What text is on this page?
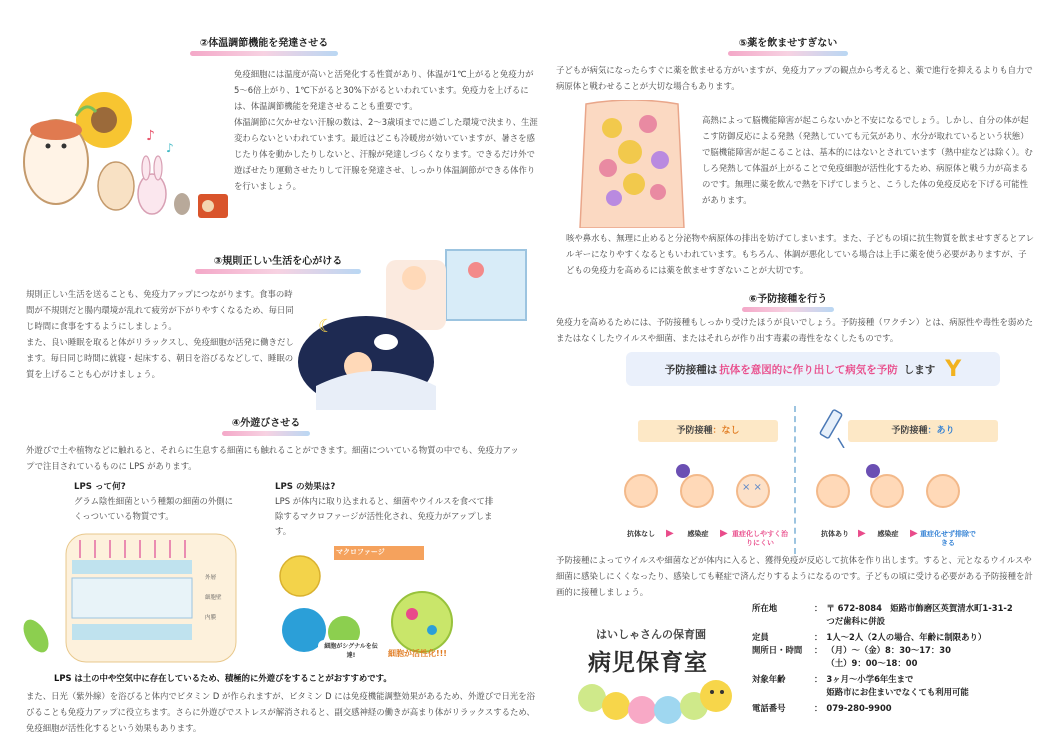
②体温調節機能を発達させる
♪
♪
免疫細胞には温度が高いと活発化する性質があり、体温が1℃上がると免疫力が5～6倍上がり、1℃下がると30%下がるといわれています。免疫力を上げるには、体温調節機能を発達させることも重要です。
体温調節に欠かせない汗腺の数は、2～3歳頃までに過ごした環境で決まり、生涯変わらないといわれています。最近はどこも冷暖房が効いていますが、暑さを感じたり体を動かしたりしないと、汗腺が発達しづらくなります。できるだけ外で遊ばせたり運動させたりして汗腺を発達させ、しっかり体温調節ができる体作りを行いましょう。
③規則正しい生活を心がける
規則正しい生活を送ることも、免疫力アップにつながります。食事の時間が不規則だと腸内環境が乱れて疲労が下がりやすくなるため、毎日同じ時間に食事をするようにしましょう。
また、良い睡眠を取ると体がリラックスし、免疫細胞が活発に働きだします。毎日同じ時間に就寝・起床する、朝日を浴びるなどして、睡眠の質を上げることも心がけましょう。
☾
④外遊びさせる
外遊びで土や植物などに触れると、それらに生息する細菌にも触れることができます。細菌についている物質の中でも、免疫力アップで注目されているものに LPS があります。
LPS って何?
グラム陰性細菌という種類の細菌の外側にくっついている物質です。
LPS の効果は?
LPS が体内に取り込まれると、細菌やウイルスを食べて排除するマクロファージが活性化され、免疫力がアップします。
外層
細胞壁
内膜
マクロファージ
細胞がシグナルを伝達!	細胞が活性化!!!
LPS は土の中や空気中に存在しているため、積極的に外遊びをすることがおすすめです。
また、日光（紫外線）を浴びると体内でビタミン D が作られますが、ビタミン D には免疫機能調整効果があるため、外遊びで日光を浴びることも免疫力アップに役立ちます。さらに外遊びでストレスが解消されると、副交感神経の働きが高まり体がリラックスするため、免疫細胞が活性化するという効果もあります。
⑤薬を飲ませすぎない
子どもが病気になったらすぐに薬を飲ませる方がいますが、免疫力アップの観点から考えると、薬で進行を抑えるよりも自力で病原体と戦わせることが大切な場合もあります。
高熱によって脳機能障害が起こらないかと不安になるでしょう。しかし、自分の体が起こす防御反応による発熱（発熱していても元気があり、水分が取れているという状態）で脳機能障害が起こることは、基本的にはないとされています（熱中症などは除く）。むしろ発熱して体温が上がることで免疫細胞が活性化するため、病原体と戦う力が高まるのです。無理に薬を飲んで熱を下げてしまうと、こうした体の免疫反応を下げる可能性があります。
咳や鼻水も、無理に止めると分泌物や病原体の排出を妨げてしまいます。また、子どもの頃に抗生物質を飲ませすぎるとアレルギーになりやすくなるともいわれています。もちろん、体調が悪化している場合は上手に薬を使う必要がありますが、子どもの免疫力を高めるには薬を飲ませすぎないことが大切です。
⑥予防接種を行う
免疫力を高めるためには、予防接種もしっかり受けたほうが良いでしょう。予防接種（ワクチン）とは、病原性や毒性を弱めたまたはなくしたウイルスや細菌、またはそれらが作り出す毒素の毒性をなくしたものです。
予防接種 は 抗体を意図的に作り出して病気を予防 します Y
予防接種：なし	予防接種：あり
× ×
抗体なし	▶	感染症	▶ 重症化しやすく治りにくい
抗体あり ▶	感染症	▶ 重症化せず排除できる
予防接種によってウイルスや細菌などが体内に入ると、獲得免疫が反応して抗体を作り出します。すると、元となるウイルスや細菌に感染しにくくなったり、感染しても軽症で済んだりするようになるのです。子どもの頃に受ける必要がある予防接種を計画的に接種しましょう。
はいしゃさんの保育園
病児保育室
所在地	： 〒 672-8084　姫路市飾磨区英賀清水町1-31-2
つだ歯科に併設
定員	： 1人～2人（2人の場合、年齢に制限あり）
開所日・時間	： （月）～（金）8：30～17：30
（土）9：00～18：00
対象年齢	： 3ヶ月～小学6年生まで
姫路市にお住まいでなくても利用可能
電話番号	： 079-280-9900
